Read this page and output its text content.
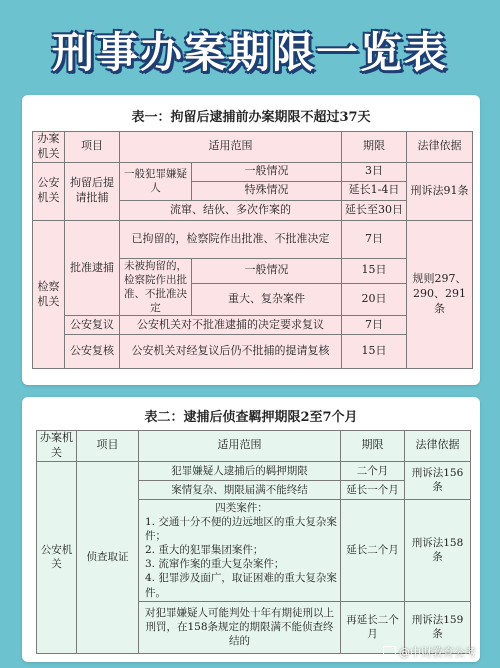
刑事办案期限一览表
表一：拘留后逮捕前办案期限不超过37天
办案机关	项目	适用范围		期限	法律依据
公安机关	拘留后提请批捕	一般犯罪嫌疑人	一般情况	3日	刑诉法91条
			特殊情况	延长1-4日	
		流窜、结伙、多次作案的		延长至30日	
检察机关	批准逮捕	已拘留的，检察院作出批准、不批准决定		7日	规则297、290、291条
		未被拘留的，检察院作出批准、不批准决定	一般情况	15日	
			重大、复杂案件	20日	
	公安复议	公安机关对不批准逮捕的决定要求复议		7日	
	公安复核	公安机关对经复议后仍不批捕的提请复核		15日	
表二：逮捕后侦查羁押期限2至7个月
办案机关	项目	适用范围	期限	法律依据
公安机关	侦查取证	犯罪嫌疑人逮捕后的羁押期限	二个月	刑诉法156条
		案情复杂、期限届满不能终结	延长一个月	

		四类案件：
1. 交通十分不便的边远地区的重大复杂案件；
2. 重大的犯罪集团案件；
3. 流窜作案的重大复杂案件；
4. 犯罪涉及面广，取证困难的重大复杂案件。	延长二个月	刑诉法158条
		对犯罪嫌疑人可能判处十年有期徒刑以上刑罚，在158条规定的期限满不能侦查终结的	再延长二个月	刑诉法159条
@中财教育公考
